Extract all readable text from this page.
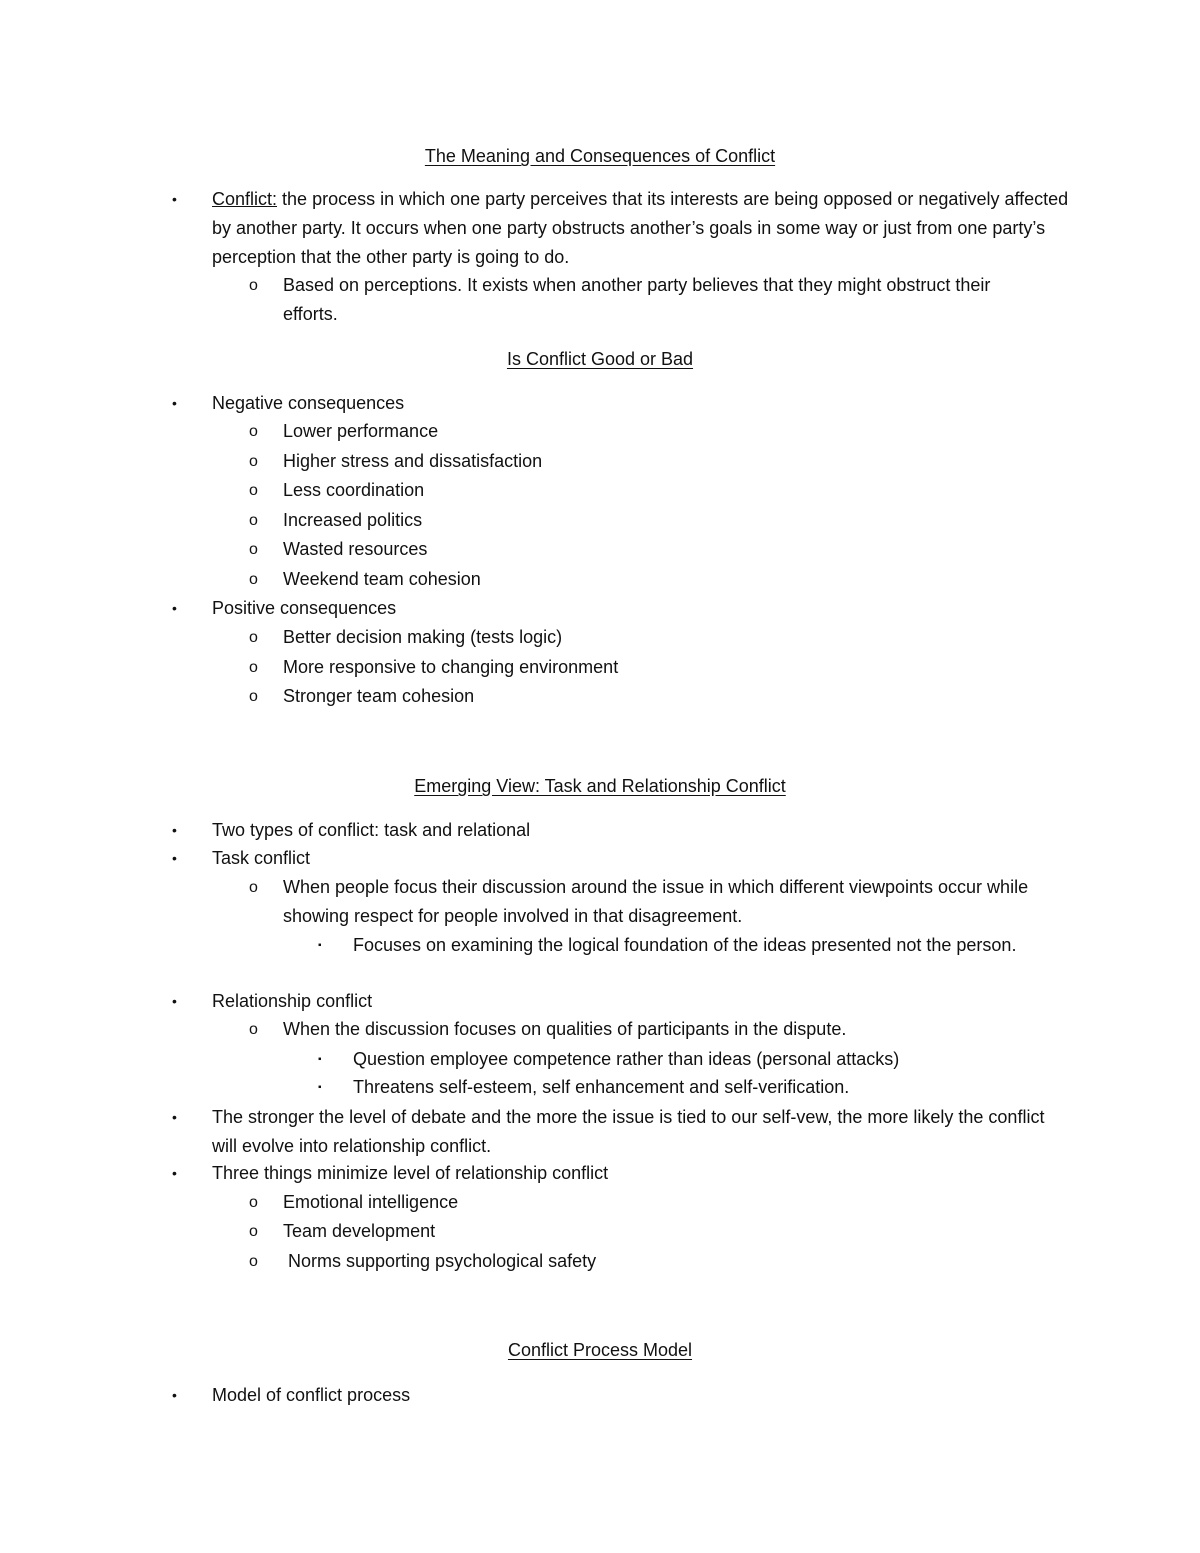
The Meaning and Consequences of Conflict
• Conflict: the process in which one party perceives that its interests are being opposed or negatively affected by another party. It occurs when one party obstructs another’s goals in some way or just from one party’s perception that the other party is going to do.
o Based on perceptions. It exists when another party believes that they might obstruct their efforts.
Is Conflict Good or Bad
• Negative consequences
o Lower performance
o Higher stress and dissatisfaction
o Less coordination
o Increased politics
o Wasted resources
o Weekend team cohesion
• Positive consequences
o Better decision making (tests logic)
o More responsive to changing environment
o Stronger team cohesion
Emerging View: Task and Relationship Conflict
• Two types of conflict: task and relational
• Task conflict
o When people focus their discussion around the issue in which different viewpoints occur while showing respect for people involved in that disagreement.
▪ Focuses on examining the logical foundation of the ideas presented not the person.
• Relationship conflict
o When the discussion focuses on qualities of participants in the dispute.
▪ Question employee competence rather than ideas (personal attacks)
▪ Threatens self-esteem, self enhancement and self-verification.
• The stronger the level of debate and the more the issue is tied to our self-vew, the more likely the conflict will evolve into relationship conflict.
• Three things minimize level of relationship conflict
o Emotional intelligence
o Team development
o Norms supporting psychological safety
Conflict Process Model
• Model of conflict process
